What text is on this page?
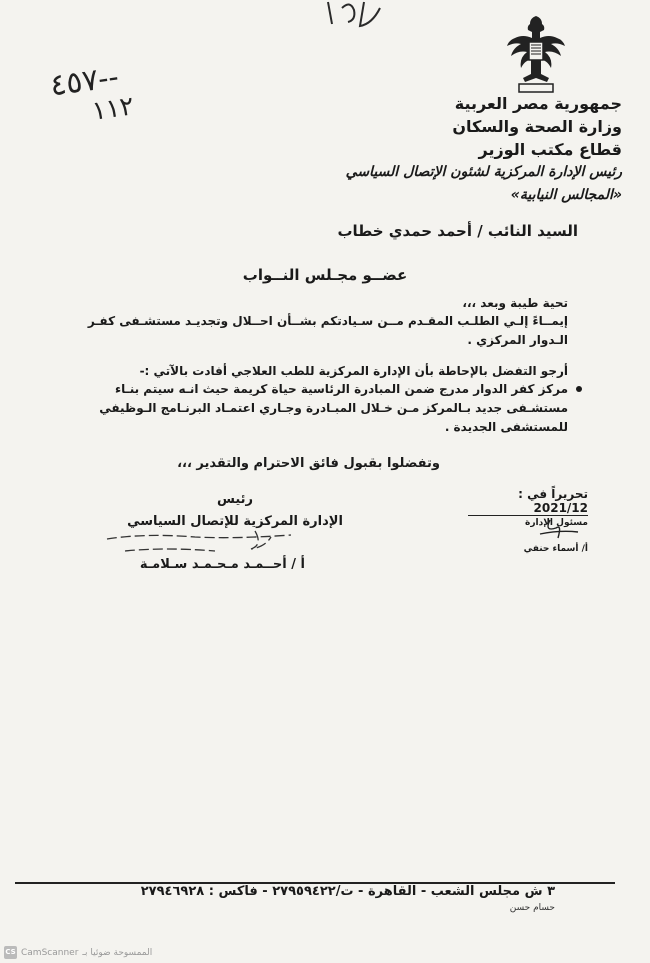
٤٥٧--
١١٢	جمهورية مصر العربية
وزارة الصحة والسكان
قطاع مكتب الوزير
رئيس الإدارة المركزية لشئون الإتصال السياسي
«المجالس النيابية»
السيد النائب / أحمد حمدي خطاب
عضــو مجـلس النــواب
تحية طيبة وبعد ،،،
إيمــاءً إلـي الطلـب المقـدم مــن سـيادتكم بشــأن احــلال وتجديـد مستشـفى كفـر الـدوار المركزي .
أرجو التفضل بالإحاطة بأن الإدارة المركزية للطب العلاجي أفادت بالآتي :-
مركز كفر الدوار مدرج ضمن المبادرة الرئاسية حياة كريمة حيث انـه سيتم بنـاء مستشـفى جديد بـالمركز مـن خـلال المبـادرة وجـاري اعتمـاد البرنـامج الـوظيفي للمستشفى الجديدة .
وتفضلوا بقبول فائق الاحترام والتقدير ،،،
تحريراً في : 2021/12
مسئول الإدارة
أ/ أسماء حنفي
رئيس
الإدارة المركزية للإتصال السياسي
أ / أحــمـد مـحـمـد سـلامـة
٣ ش مجلس الشعب - القاهرة - ت/٢٧٩٥٩٤٢٢ - فاكس : ٢٧٩٤٦٩٢٨
حسام حسن
CS CamScanner الممسوحة ضوئيا بـ
